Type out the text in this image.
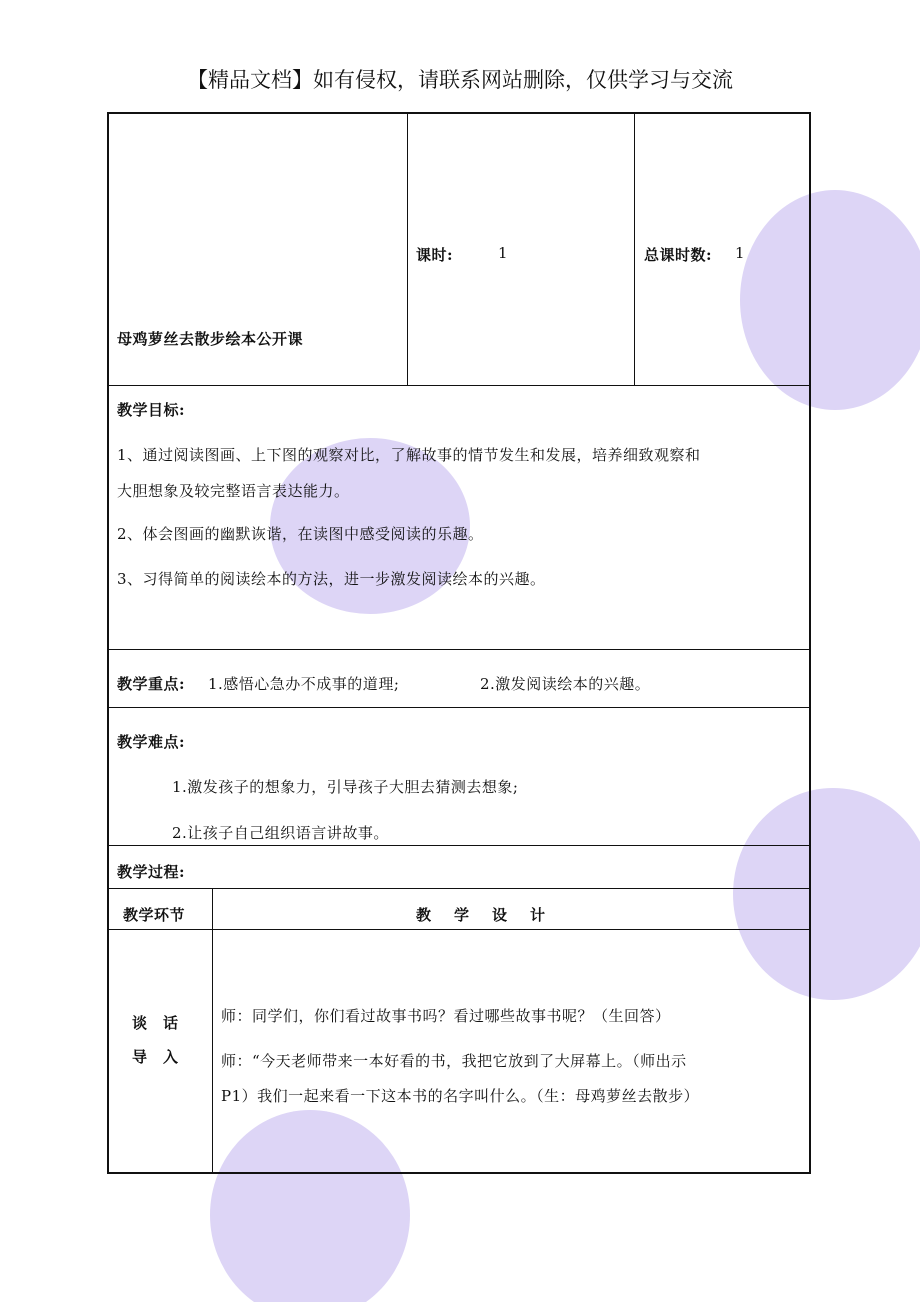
【精品文档】如有侵权，请联系网站删除，仅供学习与交流
母鸡萝丝去散步绘本公开课
课时:	1	总课时数: 1
教学目标:
1、通过阅读图画、上下图的观察对比，了解故事的情节发生和发展，培养细致观察和
大胆想象及较完整语言表达能力。
2、体会图画的幽默诙谐，在读图中感受阅读的乐趣。
3、习得简单的阅读绘本的方法，进一步激发阅读绘本的兴趣。
教学重点: 1.感悟心急办不成事的道理;	2.激发阅读绘本的兴趣。
教学难点:
1.激发孩子的想象力，引导孩子大胆去猜测去想象;
2.让孩子自己组织语言讲故事。
教学过程:
教学环节	教　学　设　计
谈　话
导　入
师：同学们，你们看过故事书吗？看过哪些故事书呢？（生回答）
师：“今天老师带来一本好看的书，我把它放到了大屏幕上。（师出示
P1）我们一起来看一下这本书的名字叫什么。（生：母鸡萝丝去散步）
